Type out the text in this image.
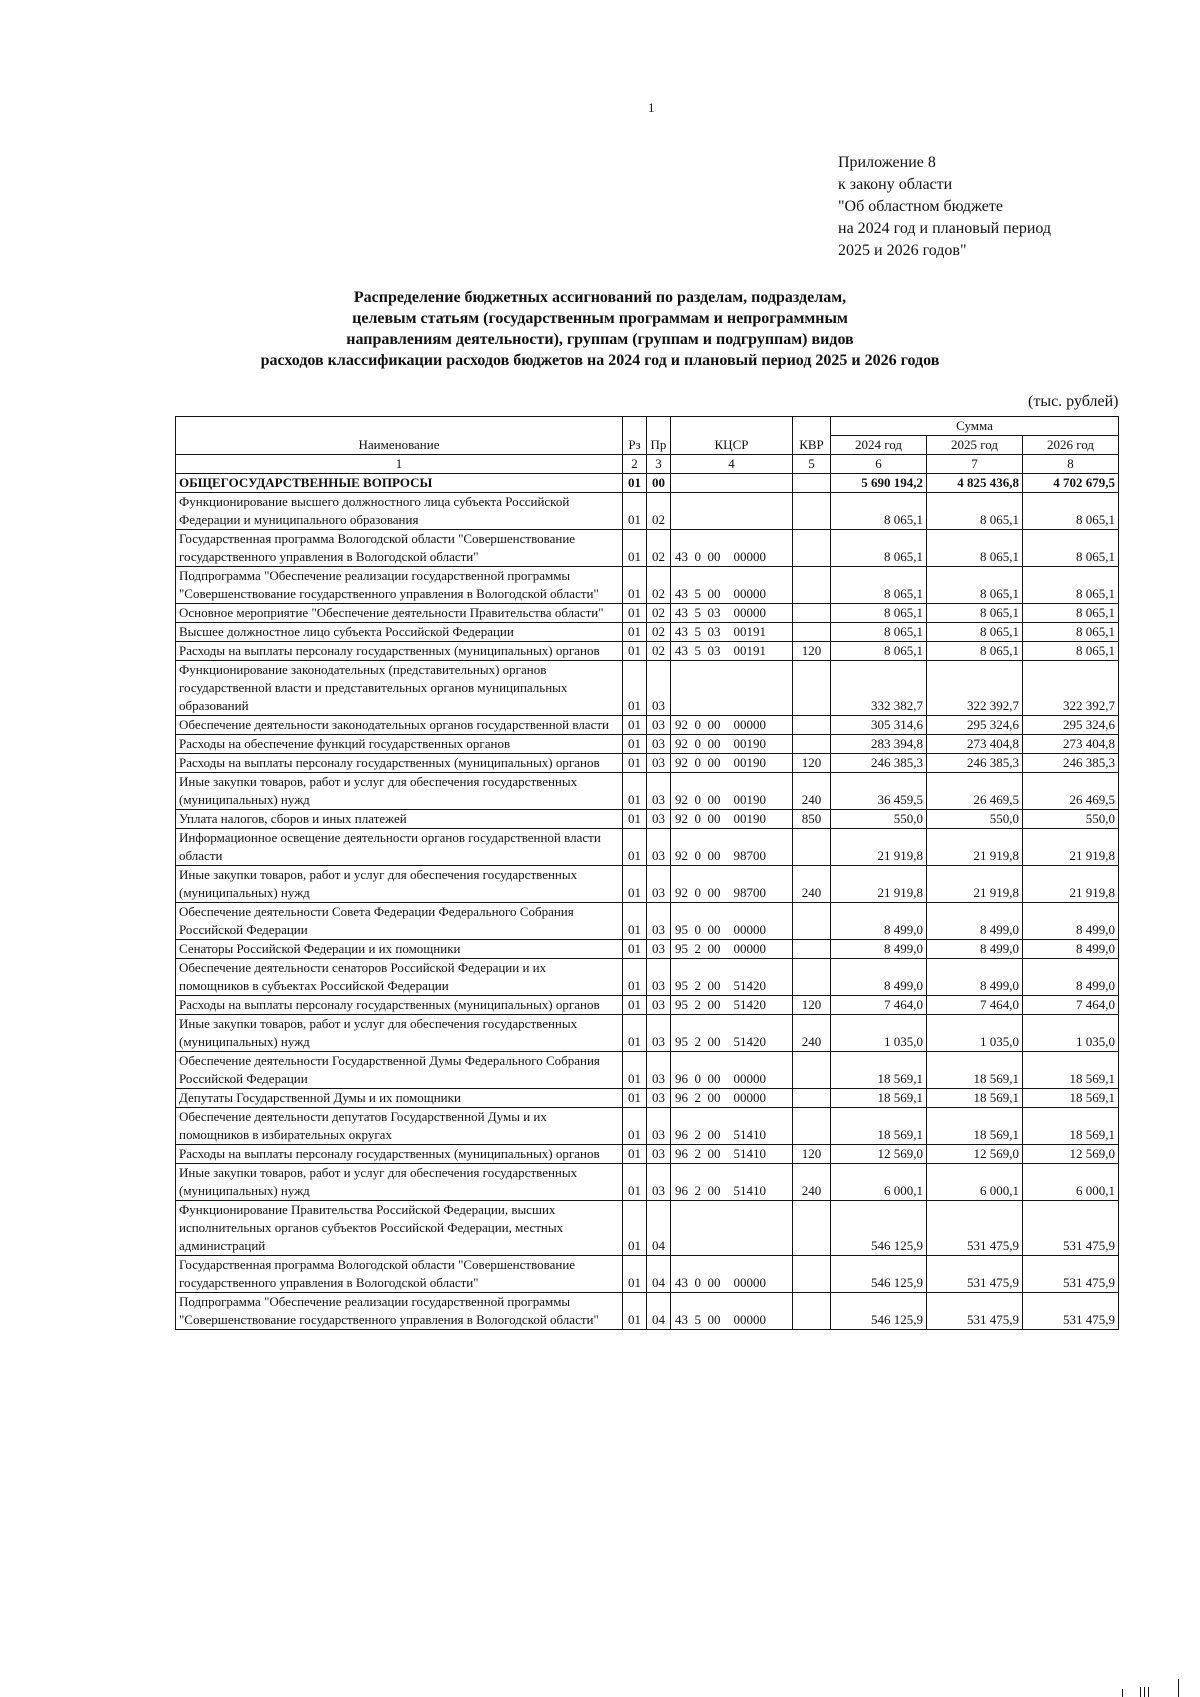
1
Приложение 8
к закону области
"Об областном бюджете
на 2024 год и плановый период
2025 и 2026 годов"
Распределение бюджетных ассигнований по разделам, подразделам,
целевым статьям (государственным программам и непрограммным
направлениям деятельности), группам (группам и подгруппам) видов
расходов классификации расходов бюджетов на 2024 год и плановый период 2025 и 2026 годов
(тыс. рублей)
Наименование	Рз	Пр	КЦСР	КВР	Сумма		
					2024 год	2025 год	2026 год
1	2	3	4	5	6	7	8
ОБЩЕГОСУДАРСТВЕННЫЕ ВОПРОСЫ	01	00			5 690 194,2	4 825 436,8	4 702 679,5
Функционирование высшего должностного лица субъекта Российской Федерации и муниципального образования	01	02			8 065,1	8 065,1	8 065,1
Государственная программа Вологодской области "Совершенствование государственного управления в Вологодской области"	01	02	43  0  00    00000		8 065,1	8 065,1	8 065,1
Подпрограмма "Обеспечение реализации государственной программы "Совершенствование государственного управления в Вологодской области"	01	02	43  5  00    00000		8 065,1	8 065,1	8 065,1
Основное мероприятие "Обеспечение деятельности Правительства области"	01	02	43  5  03    00000		8 065,1	8 065,1	8 065,1
Высшее должностное лицо субъекта Российской Федерации	01	02	43  5  03    00191		8 065,1	8 065,1	8 065,1
Расходы на выплаты персоналу государственных (муниципальных) органов	01	02	43  5  03    00191	120	8 065,1	8 065,1	8 065,1
Функционирование законодательных (представительных) органов государственной власти и представительных органов муниципальных образований	01	03			332 382,7	322 392,7	322 392,7
Обеспечение деятельности законодательных органов государственной власти	01	03	92  0  00    00000		305 314,6	295 324,6	295 324,6
Расходы на обеспечение функций государственных органов	01	03	92  0  00    00190		283 394,8	273 404,8	273 404,8
Расходы на выплаты персоналу государственных (муниципальных) органов	01	03	92  0  00    00190	120	246 385,3	246 385,3	246 385,3
Иные закупки товаров, работ и услуг для обеспечения государственных (муниципальных) нужд	01	03	92  0  00    00190	240	36 459,5	26 469,5	26 469,5
Уплата налогов, сборов и иных платежей	01	03	92  0  00    00190	850	550,0	550,0	550,0
Информационное освещение деятельности органов государственной власти области	01	03	92  0  00    98700		21 919,8	21 919,8	21 919,8
Иные закупки товаров, работ и услуг для обеспечения государственных (муниципальных) нужд	01	03	92  0  00    98700	240	21 919,8	21 919,8	21 919,8
Обеспечение деятельности Совета Федерации Федерального Собрания Российской Федерации	01	03	95  0  00    00000		8 499,0	8 499,0	8 499,0
Сенаторы Российской Федерации и их помощники	01	03	95  2  00    00000		8 499,0	8 499,0	8 499,0
Обеспечение деятельности сенаторов Российской Федерации и их помощников в субъектах Российской Федерации	01	03	95  2  00    51420		8 499,0	8 499,0	8 499,0
Расходы на выплаты персоналу государственных (муниципальных) органов	01	03	95  2  00    51420	120	7 464,0	7 464,0	7 464,0
Иные закупки товаров, работ и услуг для обеспечения государственных (муниципальных) нужд	01	03	95  2  00    51420	240	1 035,0	1 035,0	1 035,0
Обеспечение деятельности Государственной Думы Федерального Собрания Российской Федерации	01	03	96  0  00    00000		18 569,1	18 569,1	18 569,1
Депутаты Государственной Думы и их помощники	01	03	96  2  00    00000		18 569,1	18 569,1	18 569,1
Обеспечение деятельности депутатов Государственной Думы и их помощников в избирательных округах	01	03	96  2  00    51410		18 569,1	18 569,1	18 569,1
Расходы на выплаты персоналу государственных (муниципальных) органов	01	03	96  2  00    51410	120	12 569,0	12 569,0	12 569,0
Иные закупки товаров, работ и услуг для обеспечения государственных (муниципальных) нужд	01	03	96  2  00    51410	240	6 000,1	6 000,1	6 000,1
Функционирование Правительства Российской Федерации, высших исполнительных органов субъектов Российской Федерации, местных администраций	01	04			546 125,9	531 475,9	531 475,9
Государственная программа Вологодской области "Совершенствование государственного управления в Вологодской области"	01	04	43  0  00    00000		546 125,9	531 475,9	531 475,9
Подпрограмма "Обеспечение реализации государственной программы "Совершенствование государственного управления в Вологодской области"	01	04	43  5  00    00000		546 125,9	531 475,9	531 475,9
